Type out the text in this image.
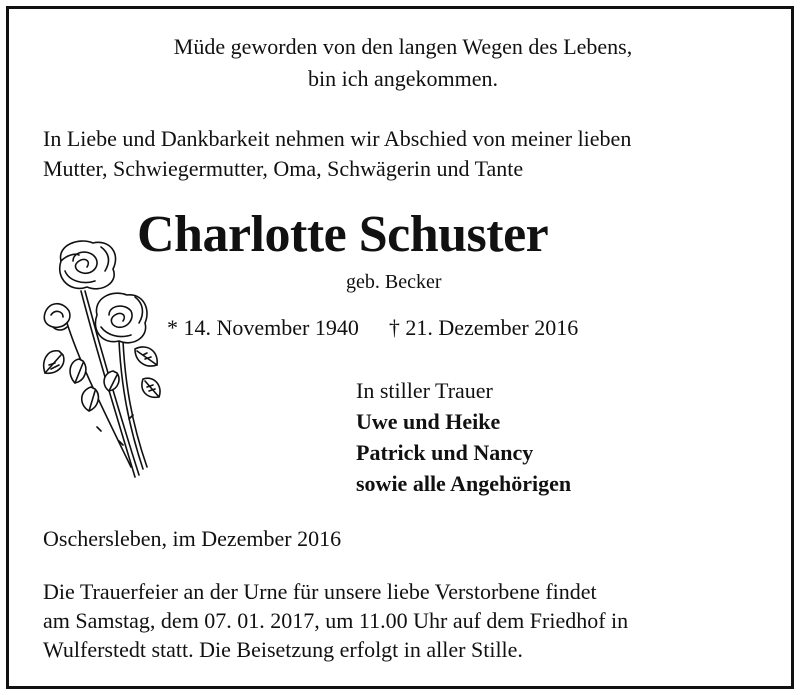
Müde geworden von den langen Wegen des Lebens,
bin ich angekommen.
In Liebe und Dankbarkeit nehmen wir Abschied von meiner lieben
Mutter, Schwiegermutter, Oma, Schwägerin und Tante
Charlotte Schuster
geb. Becker
* 14. November 1940 † 21. Dezember 2016
In stiller Trauer
Uwe und Heike
Patrick und Nancy
sowie alle Angehörigen
Oschersleben, im Dezember 2016
Die Trauerfeier an der Urne für unsere liebe Verstorbene findet
am Samstag, dem 07. 01. 2017, um 11.00 Uhr auf dem Friedhof in
Wulferstedt statt. Die Beisetzung erfolgt in aller Stille.
